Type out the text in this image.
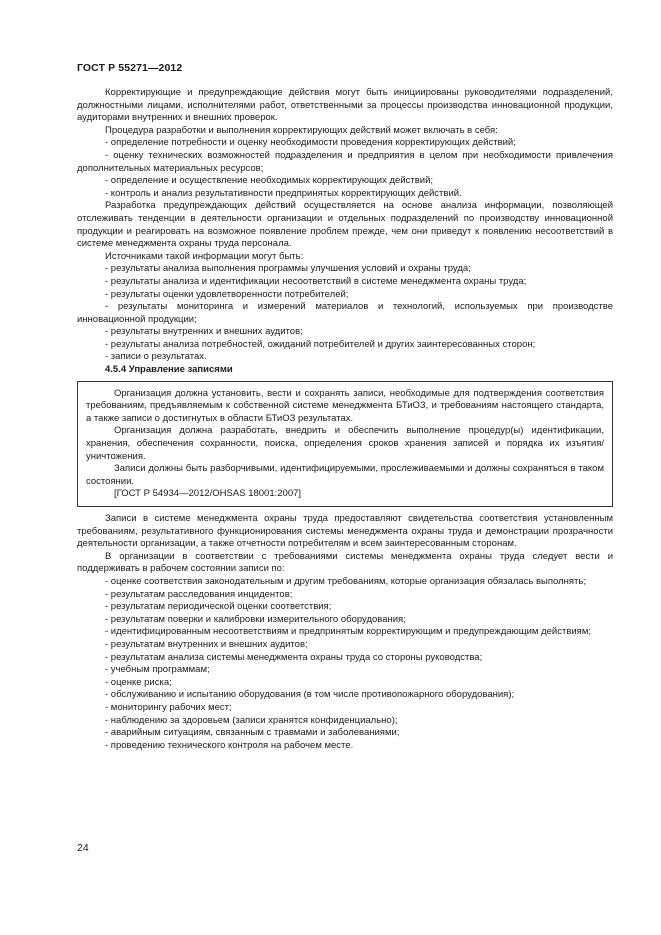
ГОСТ Р 55271—2012

Корректирующие и предупреждающие действия могут быть инициированы руководителями подразделений, должностными лицами, исполнителями работ, ответственными за процессы производства инновационной продукции, аудиторами внутренних и внешних проверок.

Процедура разработки и выполнения корректирующих действий может включать в себя:

- определение потребности и оценку необходимости проведения корректирующих действий;

- оценку технических возможностей подразделения и предприятия в целом при необходимости привлечения дополнительных материальных ресурсов;

- определение и осуществление необходимых корректирующих действий;

- контроль и анализ результативности предпринятых корректирующих действий.

Разработка предупреждающих действий осуществляется на основе анализа информации, позволяющей отслеживать тенденции в деятельности организации и отдельных подразделений по производству инновационной продукции и реагировать на возможное появление проблем прежде, чем они приведут к появлению несоответствий в системе менеджмента охраны труда персонала.

Источниками такой информации могут быть:

- результаты анализа выполнения программы улучшения условий и охраны труда;

- результаты анализа и идентификации несоответствий в системе менеджмента охраны труда;

- результаты оценки удовлетворенности потребителей;

- результаты мониторинга и измерений материалов и технологий, используемых при производстве инновационной продукции;

- результаты внутренних и внешних аудитов;

- результаты анализа потребностей, ожиданий потребителей и других заинтересованных сторон;

- записи о результатах.

4.5.4 Управление записями

Организация должна установить, вести и сохранять записи, необходимые для подтверждения соответствия требованиям, предъявляемым к собственной системе менеджмента БТиОЗ, и требованиям настоящего стандарта, а также записи о достигнутых в области БТиОЗ результатах.

Организация должна разработать, внедрить и обеспечить выполнение процедур(ы) идентификации, хранения, обеспечения сохранности, поиска, определения сроков хранения записей и порядка их изъятия/уничтожения.

Записи должны быть разборчивыми, идентифицируемыми, прослеживаемыми и должны сохраняться в таком состоянии.

[ГОСТ Р 54934—2012/OHSAS 18001:2007]

Записи в системе менеджмента охраны труда предоставляют свидетельства соответствия установленным требованиям, результативного функционирования системы менеджмента охраны труда и демонстрации прозрачности деятельности организации, а также отчетности потребителям и всем заинтересованным сторонам.

В организации в соответствии с требованиями системы менеджмента охраны труда следует вести и поддерживать в рабочем состоянии записи по:

- оценке соответствия законодательным и другим требованиям, которые организация обязалась выполнять;

- результатам расследования инцидентов;

- результатам периодической оценки соответствия;

- результатам поверки и калибровки измерительного оборудования;

- идентифицированным несоответствиям и предпринятым корректирующим и предупреждающим действиям;

- результатам внутренних и внешних аудитов;

- результатам анализа системы менеджмента охраны труда со стороны руководства;

- учебным программам;

- оценке риска;

- обслуживанию и испытанию оборудования (в том числе противопожарного оборудования);

- мониторингу рабочих мест;

- наблюдению за здоровьем (записи хранятся конфиденциально);

- аварийным ситуациям, связанным с травмами и заболеваниями;

- проведению технического контроля на рабочем месте.

24
